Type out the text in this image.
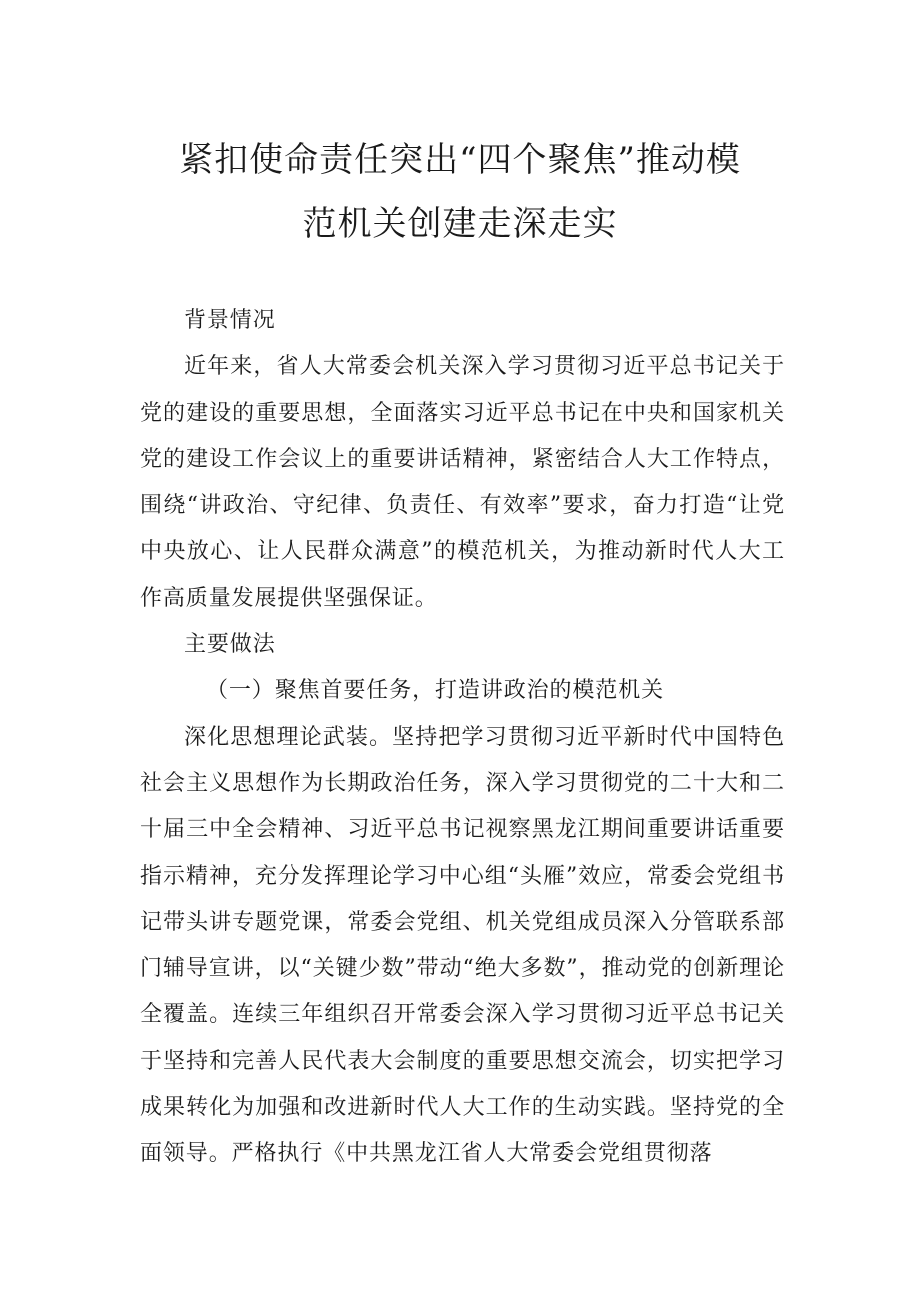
紧扣使命责任突出“四个聚焦”推动模
范机关创建走深走实

背景情况

近年来，省人大常委会机关深入学习贯彻习近平总书记关于党的建设的重要思想，全面落实习近平总书记在中央和国家机关党的建设工作会议上的重要讲话精神，紧密结合人大工作特点，围绕“讲政治、守纪律、负责任、有效率”要求，奋力打造“让党中央放心、让人民群众满意”的模范机关，为推动新时代人大工作高质量发展提供坚强保证。

主要做法

（一）聚焦首要任务，打造讲政治的模范机关

深化思想理论武装。坚持把学习贯彻习近平新时代中国特色社会主义思想作为长期政治任务，深入学习贯彻党的二十大和二十届三中全会精神、习近平总书记视察黑龙江期间重要讲话重要指示精神，充分发挥理论学习中心组“头雁”效应，常委会党组书记带头讲专题党课，常委会党组、机关党组成员深入分管联系部门辅导宣讲，以“关键少数”带动“绝大多数”，推动党的创新理论全覆盖。连续三年组织召开常委会深入学习贯彻习近平总书记关于坚持和完善人民代表大会制度的重要思想交流会，切实把学习成果转化为加强和改进新时代人大工作的生动实践。坚持党的全面领导。严格执行《中共黑龙江省人大常委会党组贯彻落
